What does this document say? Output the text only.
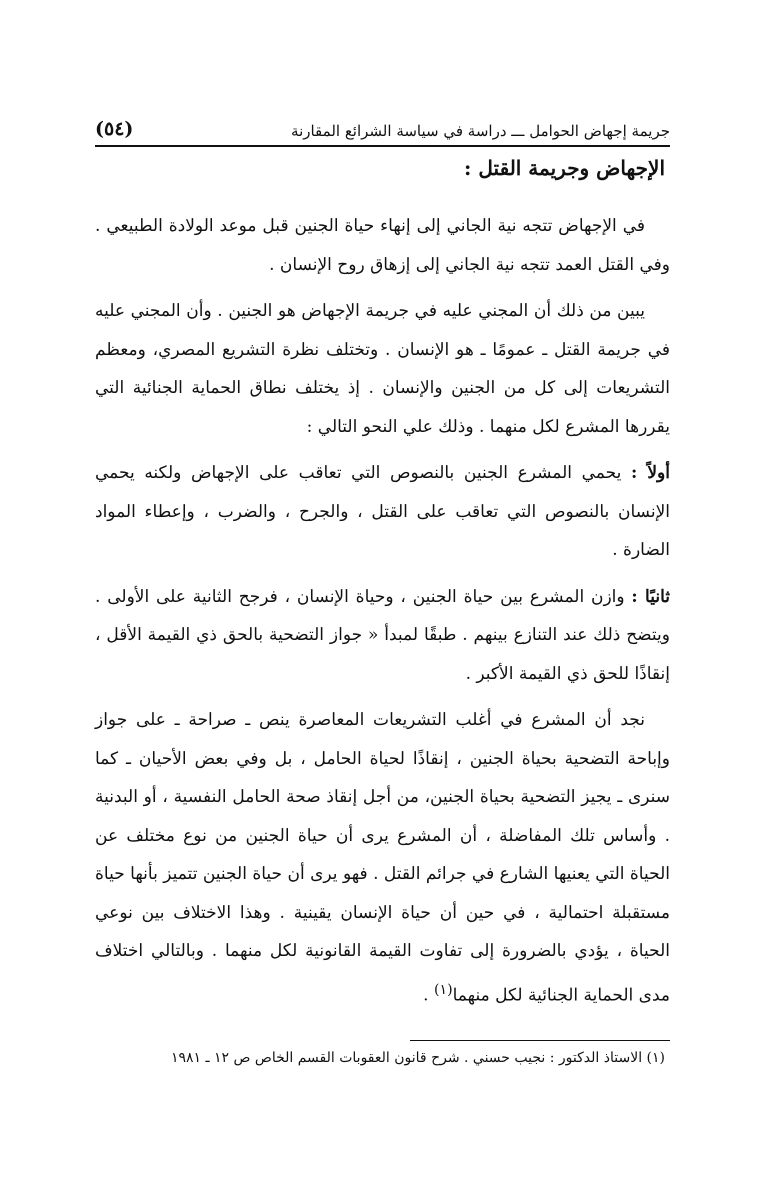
جريمة إجهاض الحوامل ـــ دراسة في سياسة الشرائع المقارنة
(٥٤)
الإجهاض وجريمة القتل :

في الإجهاض تتجه نية الجاني إلى إنهاء حياة الجنين قبل موعد الولادة الطبيعي . وفي القتل العمد تتجه نية الجاني إلى إزهاق روح الإنسان .

يبين من ذلك أن المجني عليه في جريمة الإجهاض هو الجنين . وأن المجني عليه في جريمة القتل ـ عمومًا ـ هو الإنسان . وتختلف نظرة التشريع المصري، ومعظم التشريعات إلى كل من الجنين والإنسان . إذ يختلف نطاق الحماية الجنائية التي يقررها المشرع لكل منهما . وذلك علي النحو التالي :

أولاً : يحمي المشرع الجنين بالنصوص التي تعاقب على الإجهاض ولكنه يحمي الإنسان بالنصوص التي تعاقب على القتل ، والجرح ، والضرب ، وإعطاء المواد الضارة .

ثانيًا : وازن المشرع بين حياة الجنين ، وحياة الإنسان ، فرجح الثانية على الأولى . ويتضح ذلك عند التنازع بينهم . طبقًا لمبدأ « جواز التضحية بالحق ذي القيمة الأقل ، إنقاذًا للحق ذي القيمة الأكبر .

نجد أن المشرع في أغلب التشريعات المعاصرة ينص ـ صراحة ـ على جواز وإباحة التضحية بحياة الجنين ، إنقاذًا لحياة الحامل ، بل وفي بعض الأحيان ـ كما سنرى ـ يجيز التضحية بحياة الجنين، من أجل إنقاذ صحة الحامل النفسية ، أو البدنية . وأساس تلك المفاضلة ، أن المشرع يرى أن حياة الجنين من نوع مختلف عن الحياة التي يعنيها الشارع في جرائم القتل . فهو يرى أن حياة الجنين تتميز بأنها حياة مستقبلة احتمالية ، في حين أن حياة الإنسان يقينية . وهذا الاختلاف بين نوعي الحياة ، يؤدي بالضرورة إلى تفاوت القيمة القانونية لكل منهما . وبالتالي اختلاف مدى الحماية الجنائية لكل منهما$^{(١)}$ .

(١) الاستاذ الدكتور : نجيب حسني . شرح قانون العقوبات القسم الخاص ص ١٢ ـ ١٩٨١
